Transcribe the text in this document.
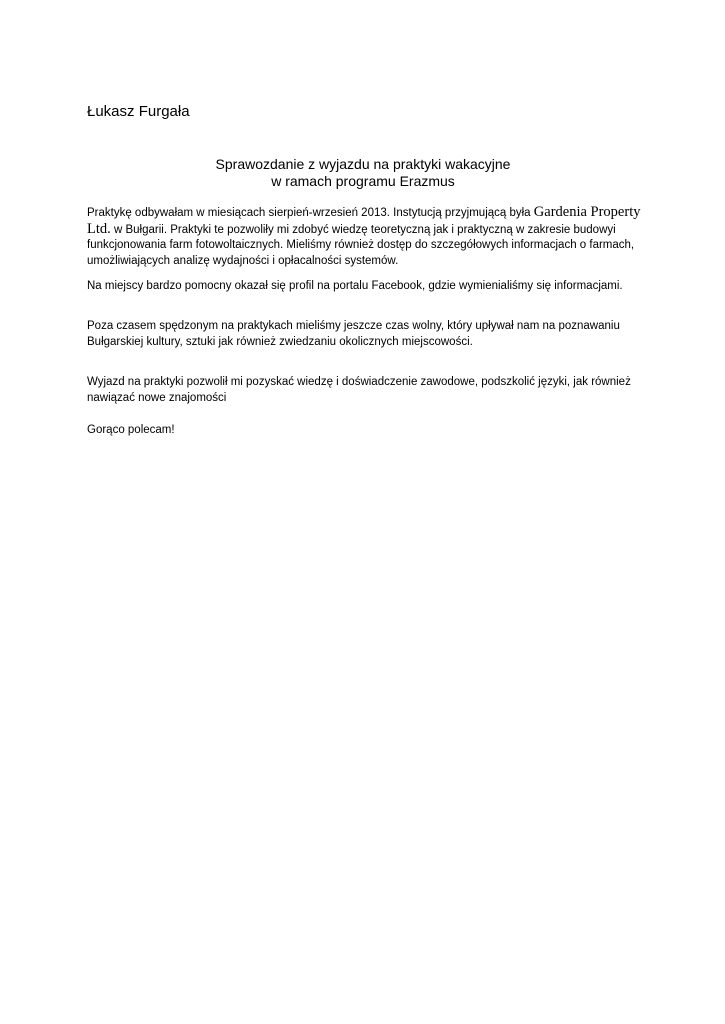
Łukasz Furgała
Sprawozdanie z wyjazdu na praktyki wakacyjne
w ramach programu Erazmus

Praktykę odbywałam w miesiącach sierpień-wrzesień 2013. Instytucją przyjmującą była Gardenia Property Ltd. w Bułgarii. Praktyki te pozwoliły mi zdobyć wiedzę teoretyczną jak i praktyczną w zakresie budowyi funkcjonowania farm fotowoltaicznych. Mieliśmy również dostęp do szczegółowych informacjach o farmach, umożliwiających analizę wydajności i opłacalności systemów.

Na miejscy bardzo pomocny okazał się profil na portalu Facebook, gdzie wymienialiśmy się informacjami.

Poza czasem spędzonym na praktykach mieliśmy jeszcze czas wolny, który upływał nam na poznawaniu Bułgarskiej kultury, sztuki jak również zwiedzaniu okolicznych miejscowości.

Wyjazd na praktyki pozwolił mi pozyskać wiedzę i doświadczenie zawodowe, podszkolić języki, jak również nawiązać nowe znajomości

Gorąco polecam!
